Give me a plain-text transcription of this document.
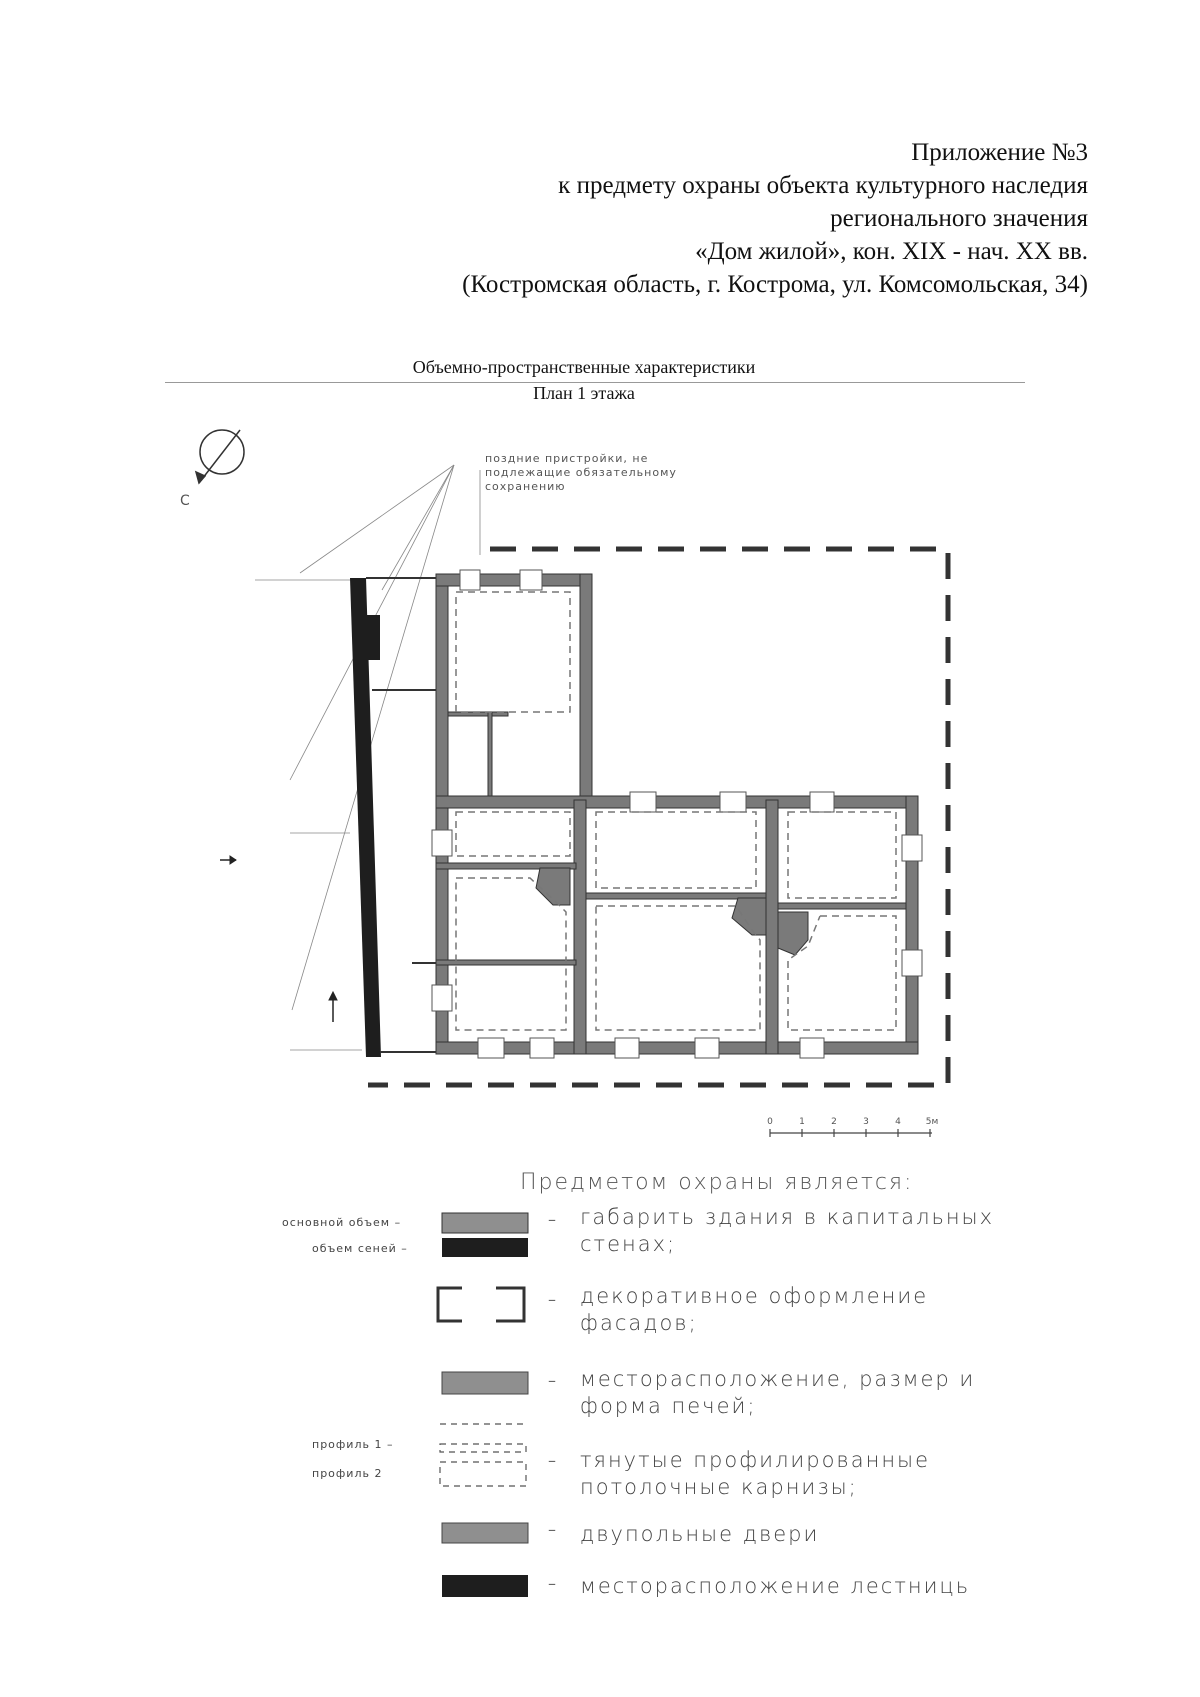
Приложение №3
к предмету охраны объекта культурного наследия
регионального значения
«Дом жилой», кон. XIX - нач. XX вв.
(Костромская область, г. Кострома, ул. Комсомольская, 34)
Объемно-пространственные характеристики
План 1 этажа
С
поздние пристройки, не
подлежащие обязательному
сохранению
0	1	2	3	4	5м
Предметом охраны является:
основной объем –
объем сеней –
профиль 1 –
профиль 2
–
–
–
–
–
–
габарить здания в капитальных стенах;
декоративное оформление фасадов;
месторасположение, размер и форма печей;
тянутые профилированные потолочные карнизы;
двупольные двери
месторасположение лестниць
